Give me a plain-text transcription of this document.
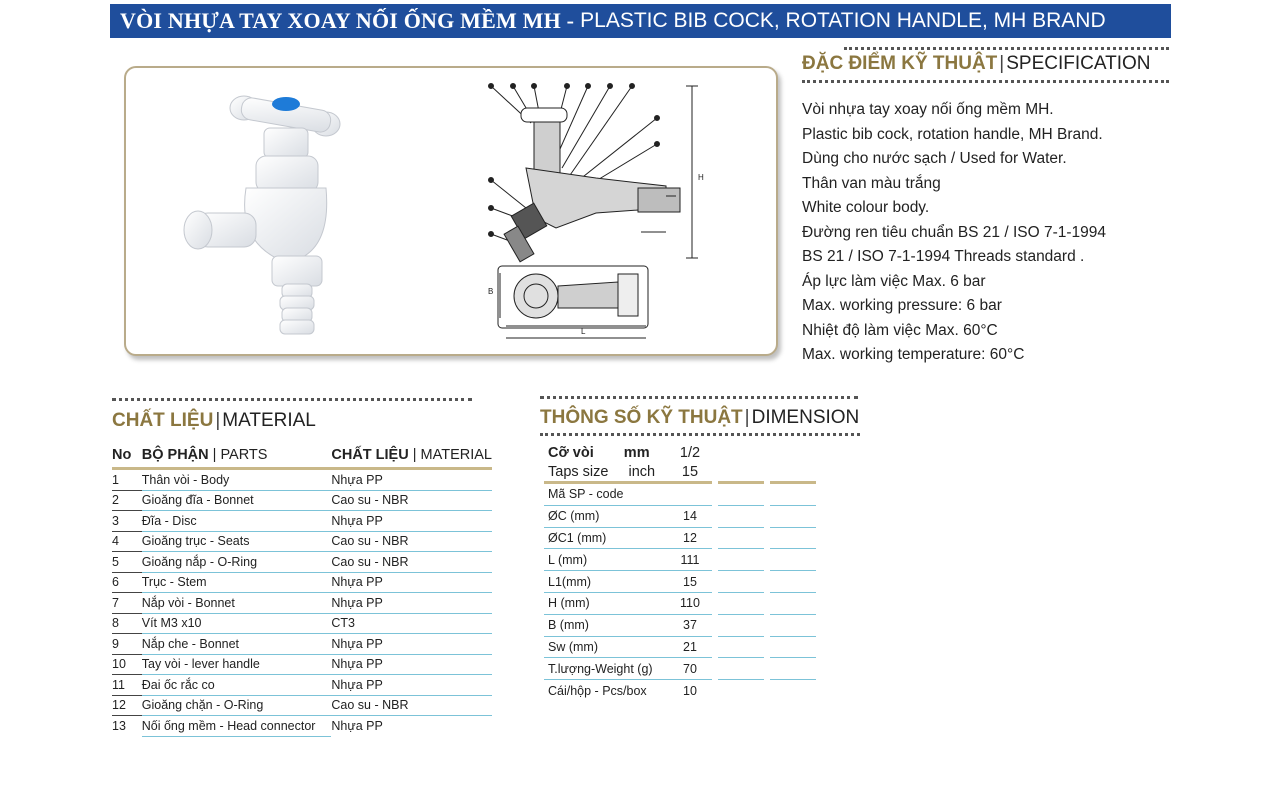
VÒI NHỰA TAY XOAY NỐI ỐNG MỀM MH - PLASTIC BIB COCK, ROTATION HANDLE, MH BRAND
H
L
B
ĐẶC ĐIỂM KỸ THUẬT | SPECIFICATION
Vòi nhựa tay xoay nối ống mềm MH.
Plastic bib cock, rotation handle, MH Brand.
Dùng cho nước sạch / Used for Water.
Thân van màu trắng
White colour body.
Đường ren tiêu chuẩn BS 21 / ISO 7-1-1994
BS 21 / ISO 7-1-1994 Threads standard .
Áp lực làm việc Max. 6 bar
Max. working pressure: 6 bar
Nhiệt độ làm việc Max. 60°C
Max. working temperature: 60°C
CHẤT LIỆU | MATERIAL
No	BỘ PHẬN | PARTS	CHẤT LIỆU | MATERIAL
1	Thân vòi - Body	Nhựa PP
2	Gioăng đĩa - Bonnet	Cao su - NBR
3	Đĩa - Disc	Nhựa PP
4	Gioăng trục - Seats	Cao su - NBR
5	Gioăng nắp - O-Ring	Cao su - NBR
6	Trục - Stem	Nhựa PP
7	Nắp vòi - Bonnet	Nhựa PP
8	Vít M3 x10	CT3
9	Nắp che - Bonnet	Nhựa PP
10	Tay vòi - lever handle	Nhựa PP
11	Đai ốc rắc co	Nhựa PP
12	Gioăng chặn - O-Ring	Cao su - NBR
13	Nối ống mềm - Head connector	Nhựa PP
THÔNG SỐ KỸ THUẬT | DIMENSION
Cỡ vòi mm	1/2				
Taps size inch	15				
Mã SP - code					
ØC (mm)	14				
ØC1 (mm)	12				
L (mm)	111				
L1(mm)	15				
H (mm)	110				
B (mm)	37				
Sw (mm)	21				
T.lượng-Weight (g)	70				
Cái/hộp - Pcs/box	10				
